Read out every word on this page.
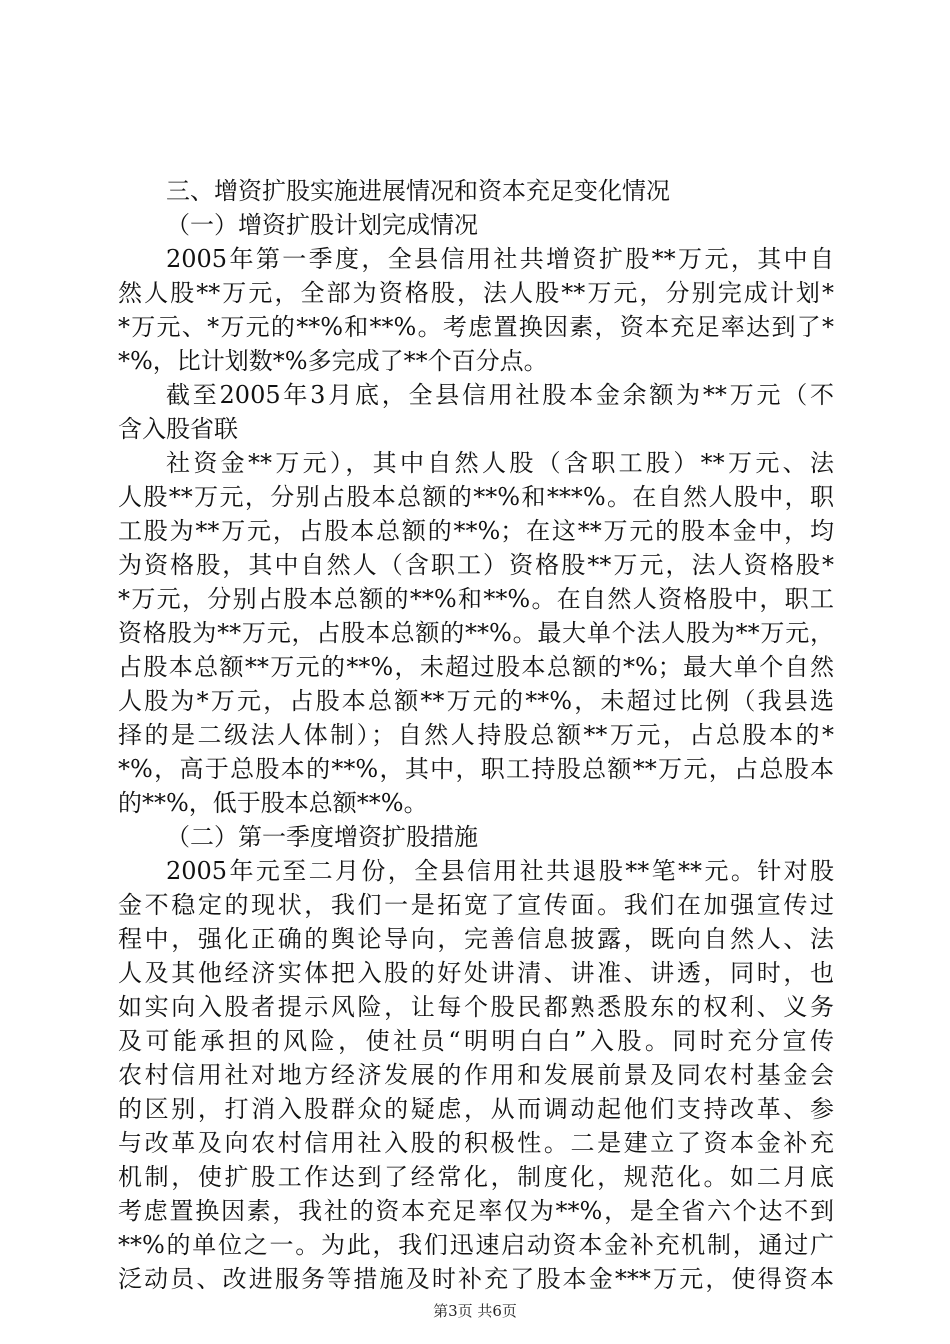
三、增资扩股实施进展情况和资本充足变化情况
（一）增资扩股计划完成情况
2005年第一季度，全县信用社共增资扩股**万元，其中自
然人股**万元，全部为资格股，法人股**万元，分别完成计划*
*万元、*万元的**%和**%。考虑置换因素，资本充足率达到了*
*%，比计划数*%多完成了**个百分点。
截至2005年3月底，全县信用社股本金余额为**万元（不
含入股省联
社资金**万元），其中自然人股（含职工股）**万元、法
人股**万元，分别占股本总额的**%和***%。在自然人股中，职
工股为**万元，占股本总额的**%；在这**万元的股本金中，均
为资格股，其中自然人（含职工）资格股**万元，法人资格股*
*万元，分别占股本总额的**%和**%。在自然人资格股中，职工
资格股为**万元，占股本总额的**%。最大单个法人股为**万元，
占股本总额**万元的**%，未超过股本总额的*%；最大单个自然
人股为*万元，占股本总额**万元的**%，未超过比例（我县选
择的是二级法人体制）；自然人持股总额**万元，占总股本的*
*%，高于总股本的**%，其中，职工持股总额**万元，占总股本
的**%，低于股本总额**%。
（二）第一季度增资扩股措施
2005年元至二月份，全县信用社共退股**笔**元。针对股
金不稳定的现状，我们一是拓宽了宣传面。我们在加强宣传过
程中，强化正确的舆论导向，完善信息披露，既向自然人、法
人及其他经济实体把入股的好处讲清、讲准、讲透，同时，也
如实向入股者提示风险，让每个股民都熟悉股东的权利、义务
及可能承担的风险，使社员“明明白白”入股。同时充分宣传
农村信用社对地方经济发展的作用和发展前景及同农村基金会
的区别，打消入股群众的疑虑，从而调动起他们支持改革、参
与改革及向农村信用社入股的积极性。二是建立了资本金补充
机制，使扩股工作达到了经常化，制度化，规范化。如二月底
考虑置换因素，我社的资本充足率仅为**%，是全省六个达不到
**%的单位之一。为此，我们迅速启动资本金补充机制，通过广
泛动员、改进服务等措施及时补充了股本金***万元，使得资本
第3页 共6页
